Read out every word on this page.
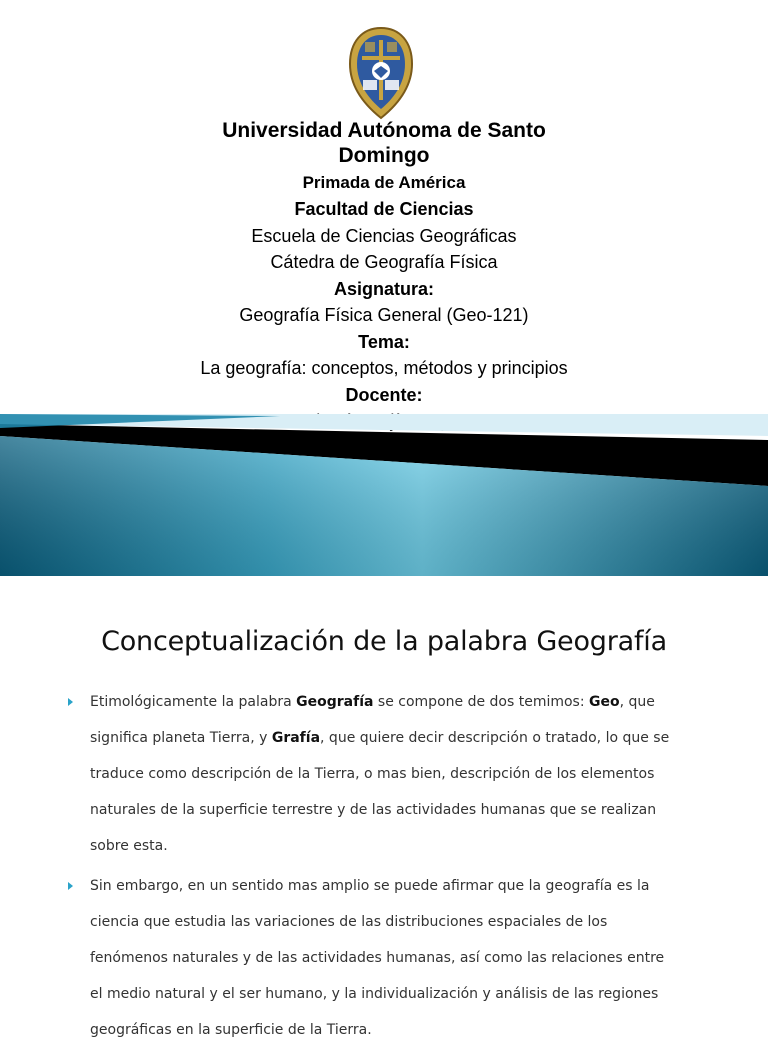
Universidad Autónoma de Santo Domingo
Primada de América
Facultad de Ciencias
Escuela de Ciencias Geográficas
Cátedra de Geografía Física
Asignatura:
Geografía Física General (Geo-121)
Tema:
La geografía: conceptos, métodos y principios
Docente:
Conceptualización de la palabra Geografía
Etimológicamente la palabra Geografía se compone de dos temimos: Geo, que significa planeta Tierra, y Grafía, que quiere decir descripción o tratado, lo que se traduce como descripción de la Tierra, o mas bien, descripción de los elementos naturales de la superficie terrestre y de las actividades humanas que se realizan sobre esta.
Sin embargo, en un sentido mas amplio se puede afirmar que la geografía es la ciencia que estudia las variaciones de las distribuciones espaciales de los fenómenos naturales y de las actividades humanas, así como las relaciones entre el medio natural y el ser humano, y la individualización y análisis de las regiones geográficas en la superficie de la Tierra.
